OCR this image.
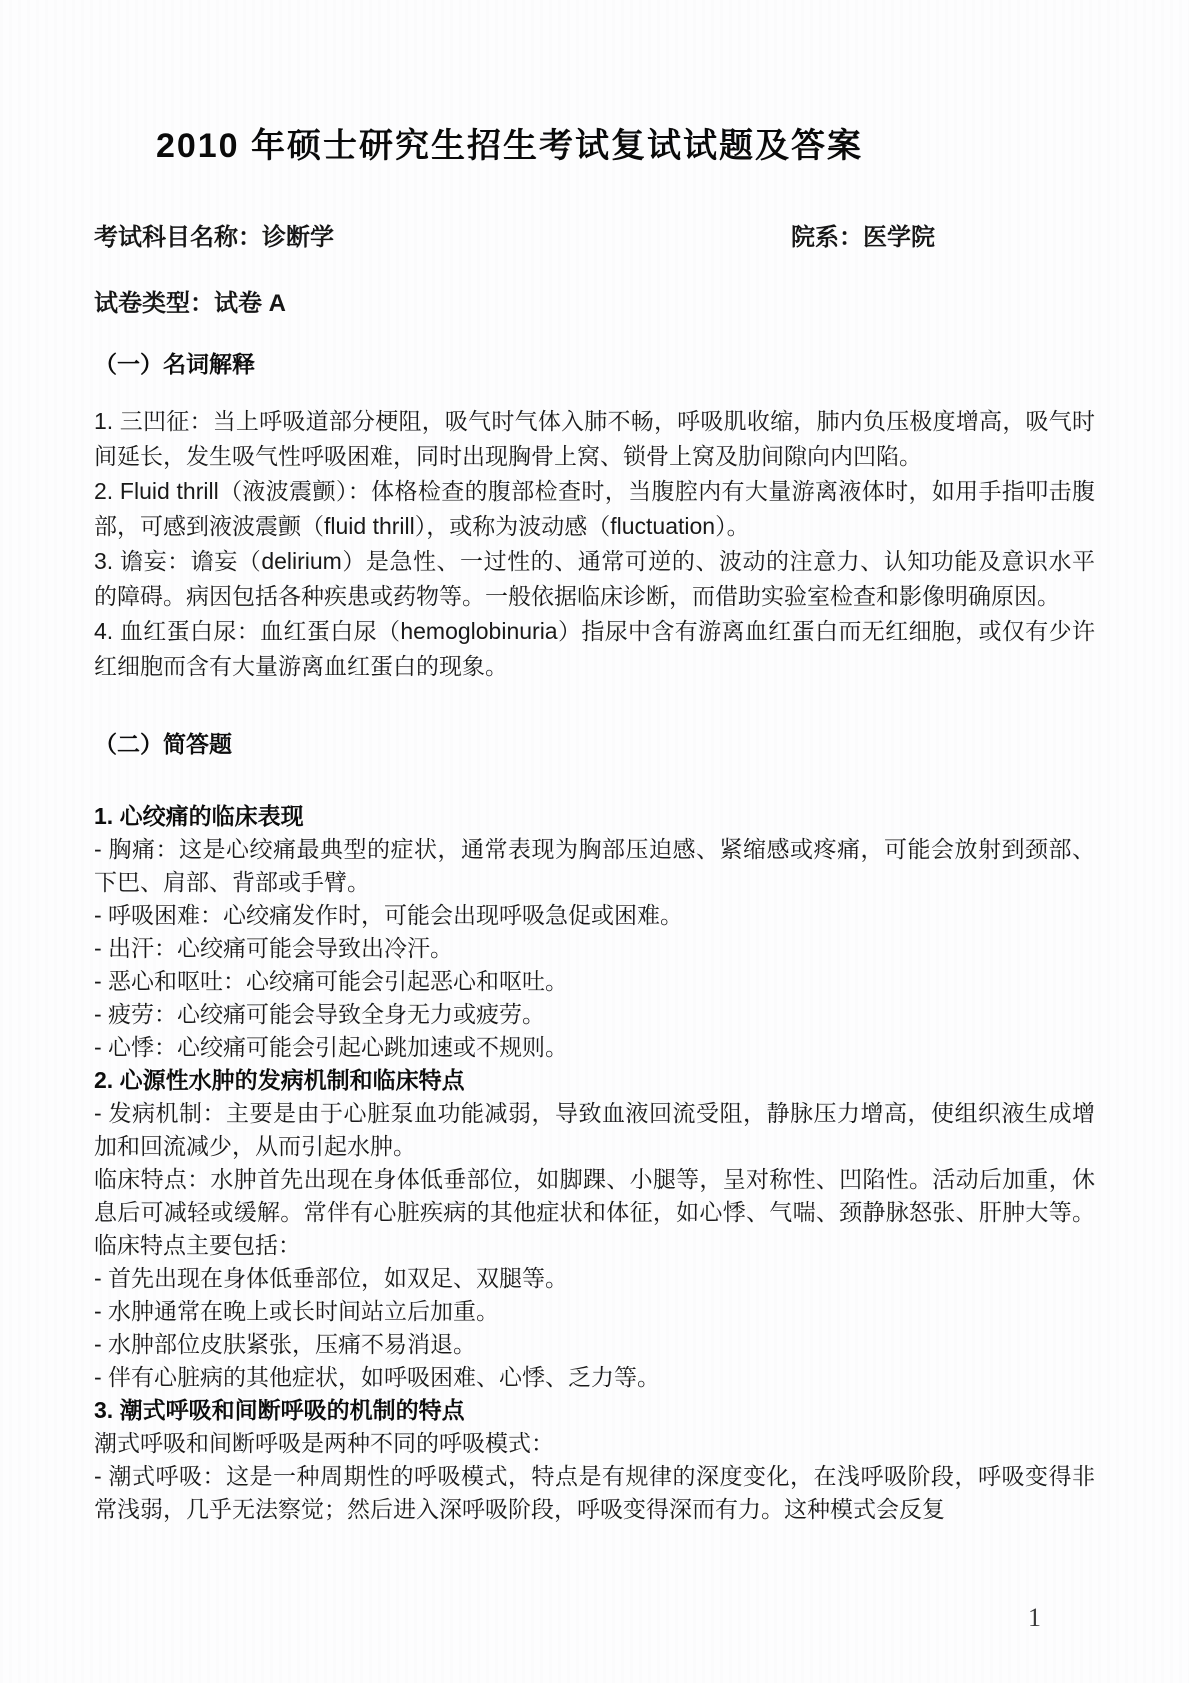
2010 年硕士研究生招生考试复试试题及答案
考试科目名称：诊断学	院系：医学院
试卷类型：试卷 A
（一）名词解释

1. 三凹征：当上呼吸道部分梗阻，吸气时气体入肺不畅，呼吸肌收缩，肺内负压极度增高，吸气时间延长，发生吸气性呼吸困难，同时出现胸骨上窝、锁骨上窝及肋间隙向内凹陷。

2. Fluid thrill（液波震颤）：体格检查的腹部检查时，当腹腔内有大量游离液体时，如用手指叩击腹部，可感到液波震颤（fluid thrill），或称为波动感（fluctuation）。

3. 谵妄：谵妄（delirium）是急性、一过性的、通常可逆的、波动的注意力、认知功能及意识水平的障碍。病因包括各种疾患或药物等。一般依据临床诊断，而借助实验室检查和影像明确原因。

4. 血红蛋白尿：血红蛋白尿（hemoglobinuria）指尿中含有游离血红蛋白而无红细胞，或仅有少许红细胞而含有大量游离血红蛋白的现象。

（二）简答题

1. 心绞痛的临床表现

- 胸痛：这是心绞痛最典型的症状，通常表现为胸部压迫感、紧缩感或疼痛，可能会放射到颈部、下巴、肩部、背部或手臂。

- 呼吸困难：心绞痛发作时，可能会出现呼吸急促或困难。

- 出汗：心绞痛可能会导致出冷汗。

- 恶心和呕吐：心绞痛可能会引起恶心和呕吐。

- 疲劳：心绞痛可能会导致全身无力或疲劳。

- 心悸：心绞痛可能会引起心跳加速或不规则。

2. 心源性水肿的发病机制和临床特点

- 发病机制：主要是由于心脏泵血功能减弱，导致血液回流受阻，静脉压力增高，使组织液生成增加和回流减少，从而引起水肿。

临床特点：水肿首先出现在身体低垂部位，如脚踝、小腿等，呈对称性、凹陷性。活动后加重，休息后可减轻或缓解。常伴有心脏疾病的其他症状和体征，如心悸、气喘、颈静脉怒张、肝肿大等。临床特点主要包括：

- 首先出现在身体低垂部位，如双足、双腿等。

- 水肿通常在晚上或长时间站立后加重。

- 水肿部位皮肤紧张，压痛不易消退。

- 伴有心脏病的其他症状，如呼吸困难、心悸、乏力等。

3. 潮式呼吸和间断呼吸的机制的特点

潮式呼吸和间断呼吸是两种不同的呼吸模式：

- 潮式呼吸：这是一种周期性的呼吸模式，特点是有规律的深度变化，在浅呼吸阶段，呼吸变得非常浅弱，几乎无法察觉；然后进入深呼吸阶段，呼吸变得深而有力。这种模式会反复

1
